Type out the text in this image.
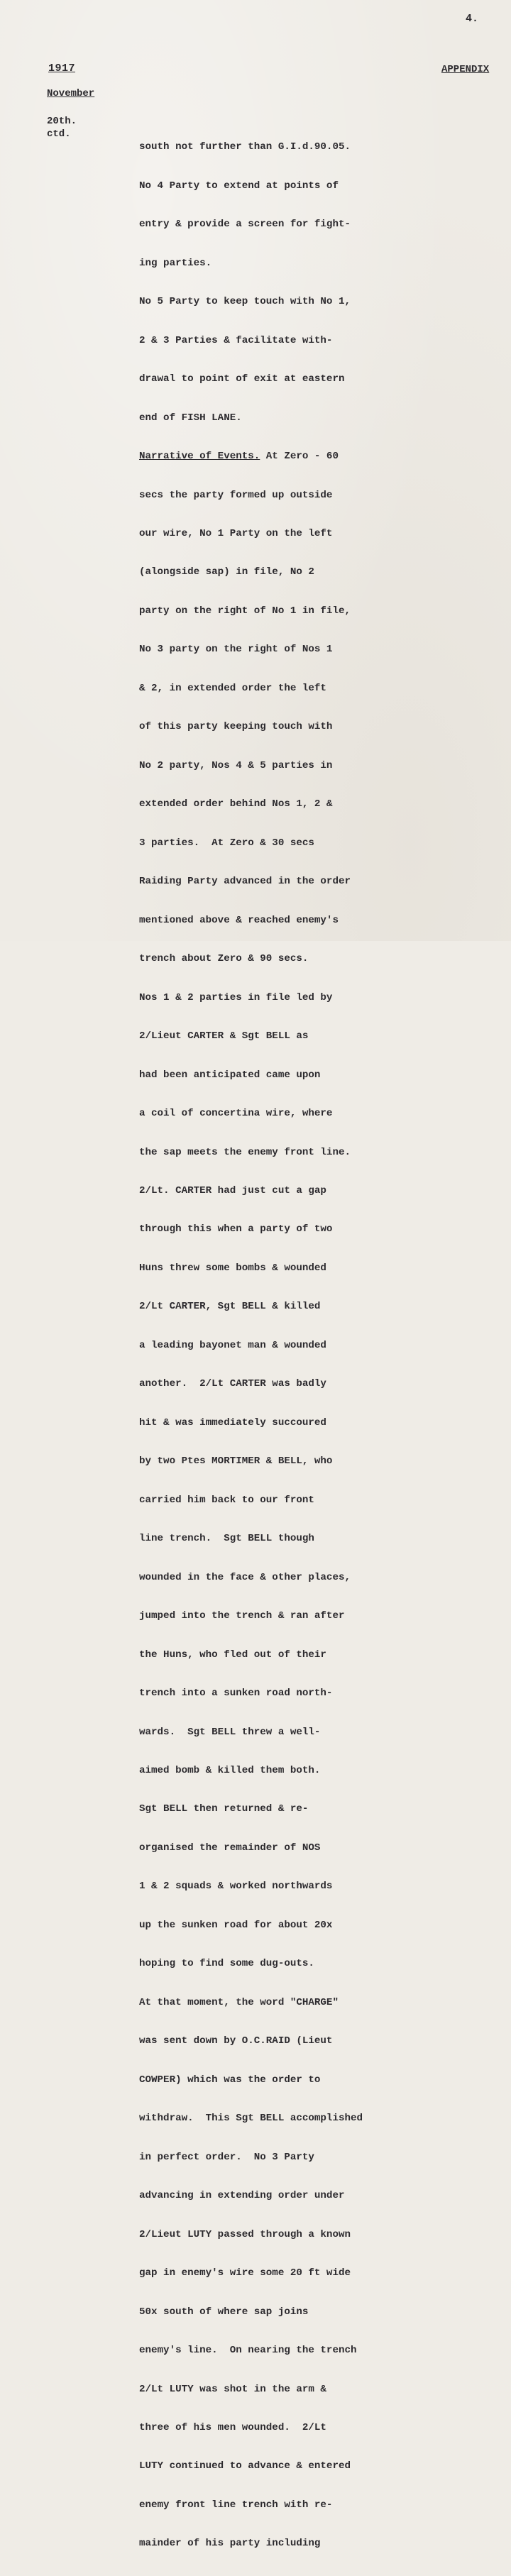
4.
1917	APPENDIX
November
20th.
ctd.

south not further than G.I.d.90.05.

No 4 Party to extend at points of

entry & provide a screen for fight-

ing parties.

No 5 Party to keep touch with No 1,

2 & 3 Parties & facilitate with-

drawal to point of exit at eastern

end of FISH LANE.

Narrative of Events. At Zero - 60

secs the party formed up outside

our wire, No 1 Party on the left

(alongside sap) in file, No 2

party on the right of No 1 in file,

No 3 party on the right of Nos 1

& 2, in extended order the left

of this party keeping touch with

No 2 party, Nos 4 & 5 parties in

extended order behind Nos 1, 2 &

3 parties.  At Zero & 30 secs

Raiding Party advanced in the order

mentioned above & reached enemy's

trench about Zero & 90 secs.

Nos 1 & 2 parties in file led by

2/Lieut CARTER & Sgt BELL as

had been anticipated came upon

a coil of concertina wire, where

the sap meets the enemy front line.

2/Lt. CARTER had just cut a gap

through this when a party of two

Huns threw some bombs & wounded

2/Lt CARTER, Sgt BELL & killed

a leading bayonet man & wounded

another.  2/Lt CARTER was badly

hit & was immediately succoured

by two Ptes MORTIMER & BELL, who

carried him back to our front

line trench.  Sgt BELL though

wounded in the face & other places,

jumped into the trench & ran after

the Huns, who fled out of their

trench into a sunken road north-

wards.  Sgt BELL threw a well-

aimed bomb & killed them both.

Sgt BELL then returned & re-

organised the remainder of NOS

1 & 2 squads & worked northwards

up the sunken road for about 20x

hoping to find some dug-outs.

At that moment, the word "CHARGE"

was sent down by O.C.RAID (Lieut

COWPER) which was the order to

withdraw.  This Sgt BELL accomplished

in perfect order.  No 3 Party

advancing in extending order under

2/Lieut LUTY passed through a known

gap in enemy's wire some 20 ft wide

50x south of where sap joins

enemy's line.  On nearing the trench

2/Lt LUTY was shot in the arm &

three of his men wounded.  2/Lt

LUTY continued to advance & entered

enemy front line trench with re-

mainder of his party including
